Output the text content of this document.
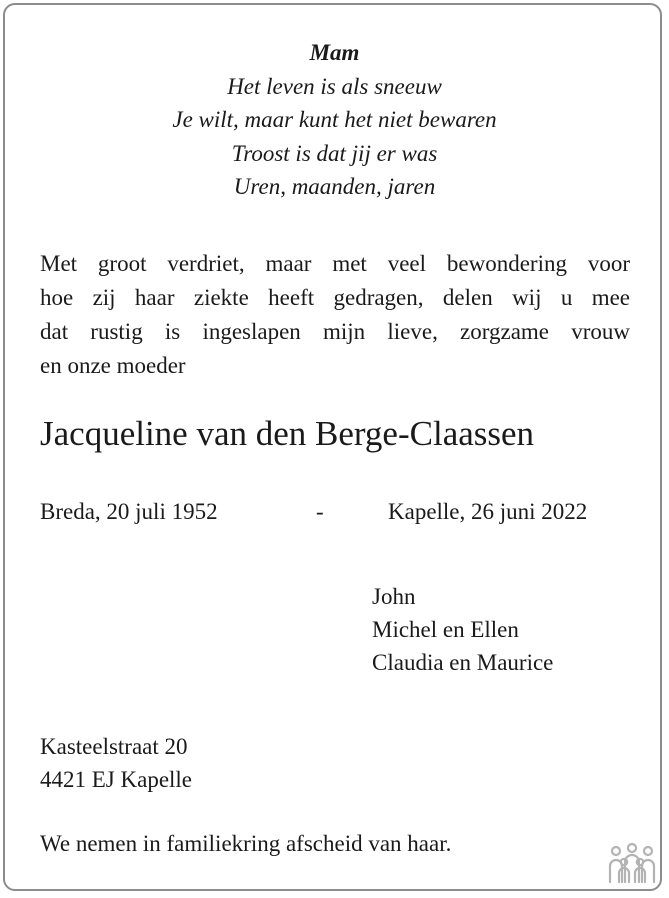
Mam
Het leven is als sneeuw
Je wilt, maar kunt het niet bewaren
Troost is dat jij er was
Uren, maanden, jaren
Met groot verdriet, maar met veel bewondering voor
hoe zij haar ziekte heeft gedragen, delen wij u mee
dat rustig is ingeslapen mijn lieve, zorgzame vrouw
en onze moeder
Jacqueline van den Berge-Claassen
Breda, 20 juli 1952	-	Kapelle, 26 juni 2022
John
Michel en Ellen
Claudia en Maurice
Kasteelstraat 20
4421 EJ Kapelle
We nemen in familiekring afscheid van haar.
